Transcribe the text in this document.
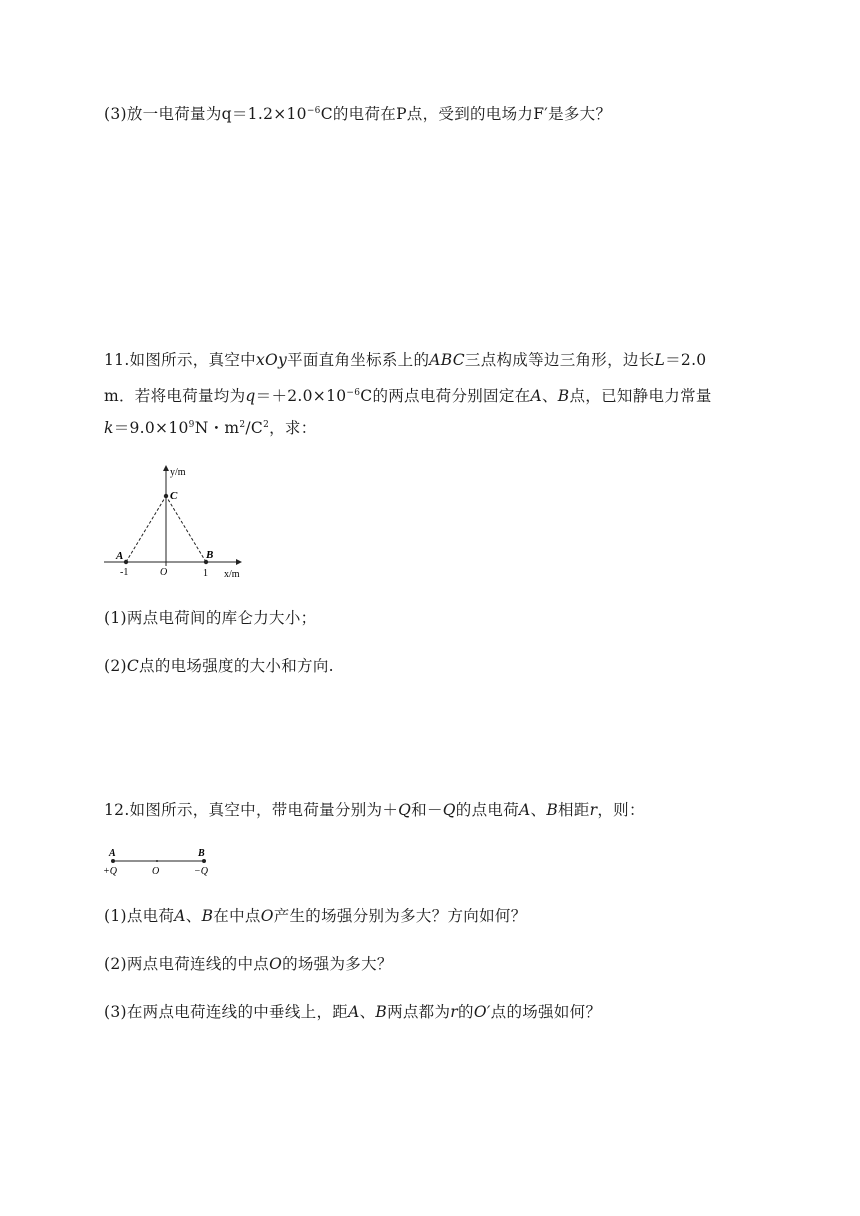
(3)放一电荷量为$q=1.2\times 10^{-6}C$的电荷在P点，受到的电场力F′是多大？
11.如图所示，真空中xOy平面直角坐标系上的ABC三点构成等边三角形，边长L＝2.0
m．若将电荷量均为$q=+2.0\times 10^{-6}C$的两点电荷分别固定在A、B点，已知静电力常量
$k=9.0\times 10^9N$・$m^2/C^2$，求：
y/m
C
A	B
-1	O	1 x/m
(1)两点电荷间的库仑力大小；
(2)C点的电场强度的大小和方向.
12.如图所示，真空中，带电荷量分别为＋Q和－Q的点电荷A、B相距r，则：
A	B
+Q	O	−Q
(1)点电荷A、B在中点O产生的场强分别为多大？方向如何？
(2)两点电荷连线的中点O的场强为多大？
(3)在两点电荷连线的中垂线上，距A、B两点都为r的O′点的场强如何？
